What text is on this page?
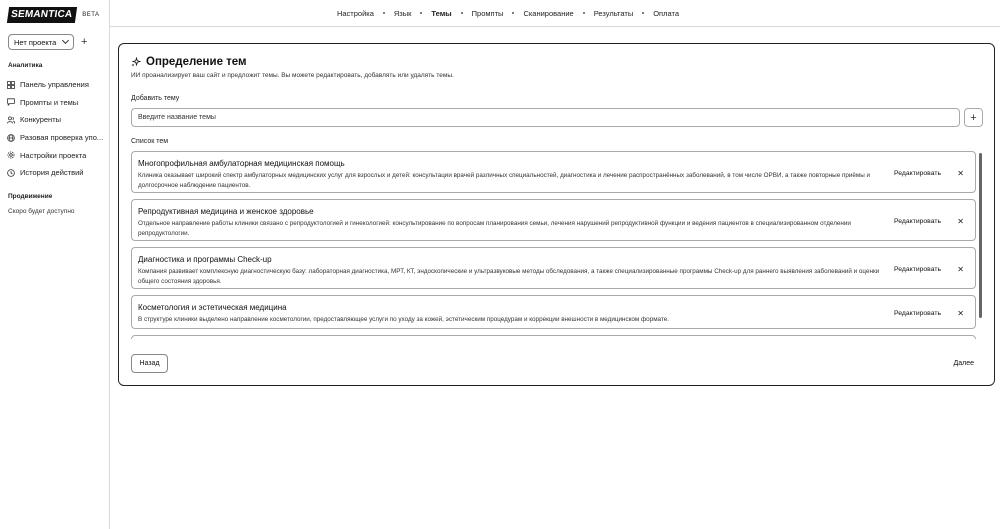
SEMANTICA	BETA
Нет проекта +
Аналитика
Панель управления
Промпты и темы
Конкуренты
Разовая проверка упо...
Настройки проекта
История действий
Продвижение
Скоро будет доступно
Настройка	Язык	Темы	Промпты	Сканирование	Результаты	Оплата
Определение тем
ИИ проанализирует ваш сайт и предложит темы. Вы можете редактировать, добавлять или удалять темы.
Добавить тему
Введите название темы
+
Список тем
Многопрофильная амбулаторная медицинская помощь
Клиника оказывает широкий спектр амбулаторных медицинских услуг для взрослых и детей: консультации врачей различных специальностей, диагностика и лечение распространённых заболеваний, в том числе ОРВИ, а также повторные приёмы и долгосрочное наблюдение пациентов.
Редактировать ✕
Репродуктивная медицина и женское здоровье
Отдельное направление работы клиники связано с репродуктологией и гинекологией: консультирование по вопросам планирования семьи, лечения нарушений репродуктивной функции и ведения пациентов в специализированном отделении репродуктологии.
Редактировать ✕
Диагностика и программы Check-up
Компания развивает комплексную диагностическую базу: лабораторная диагностика, МРТ, КТ, эндоскопические и ультразвуковые методы обследования, а также специализированные программы Check-up для раннего выявления заболеваний и оценки общего состояния здоровья.
Редактировать ✕
Косметология и эстетическая медицина
В структуре клиники выделено направление косметологии, предоставляющее услуги по уходу за кожей, эстетическим процедурам и коррекции внешности в медицинском формате.
Редактировать ✕
Назад	Далее
